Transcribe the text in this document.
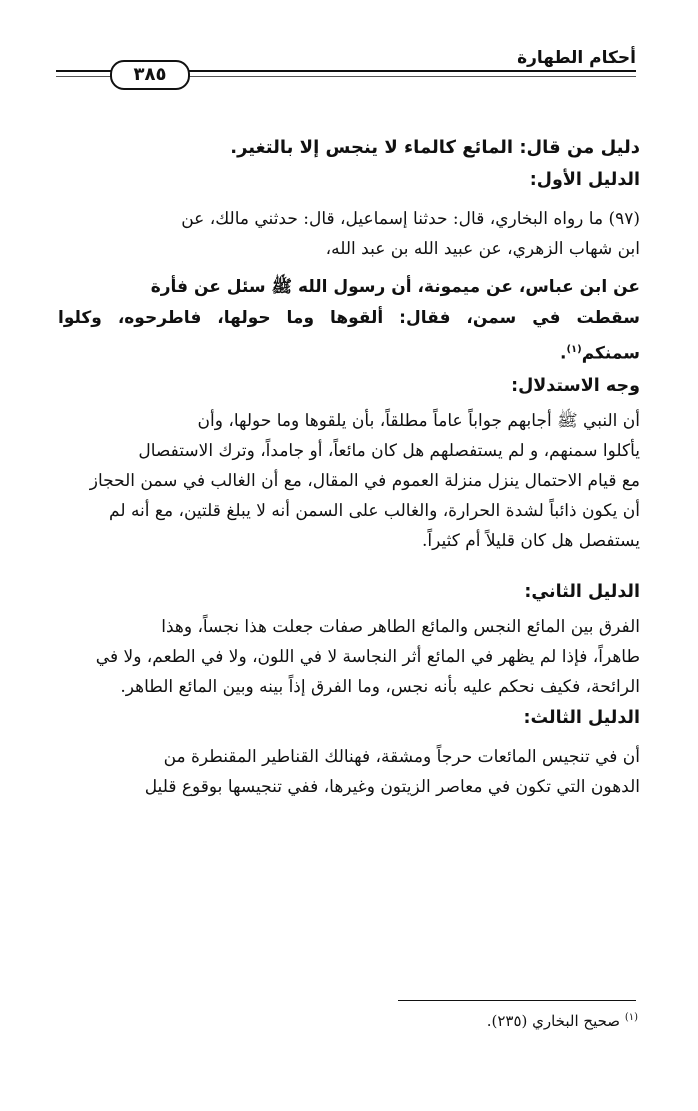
أحكام الطهارة
٣٨٥

دليل من قال: المائع كالماء لا ينجس إلا بالتغير.

الدليل الأول:

(٩٧) ما رواه البخاري، قال: حدثنا إسماعيل، قال: حدثني مالك، عن

ابن شهاب الزهري، عن عبيد الله بن عبد الله،

عن ابن عباس، عن ميمونة، أن رسول الله ﷺ سئل عن فأرة

سقطت في سمن، فقال: ألقوها وما حولها، فاطرحوه، وكلوا سمنكم$^{(١)}$.

وجه الاستدلال:

أن النبي ﷺ أجابهم جواباً عاماً مطلقاً، بأن يلقوها وما حولها، وأن

يأكلوا سمنهم، و لم يستفصلهم هل كان مائعاً، أو جامداً، وترك الاستفصال

مع قيام الاحتمال ينزل منزلة العموم في المقال، مع أن الغالب في سمن الحجاز

أن يكون ذائباً لشدة الحرارة، والغالب على السمن أنه لا يبلغ قلتين، مع أنه لم

يستفصل هل كان قليلاً أم كثيراً.

الدليل الثاني:

الفرق بين المائع النجس والمائع الطاهر صفات جعلت هذا نجساً، وهذا

طاهراً، فإذا لم يظهر في المائع أثر النجاسة لا في اللون، ولا في الطعم، ولا في

الرائحة، فكيف نحكم عليه بأنه نجس، وما الفرق إذاً بينه وبين المائع الطاهر.

الدليل الثالث:

أن في تنجيس المائعات حرجاً ومشقة، فهنالك القناطير المقنطرة من

الدهون التي تكون في معاصر الزيتون وغيرها، ففي تنجيسها بوقوع قليل

$^{(١)}$ صحيح البخاري (٢٣٥).
